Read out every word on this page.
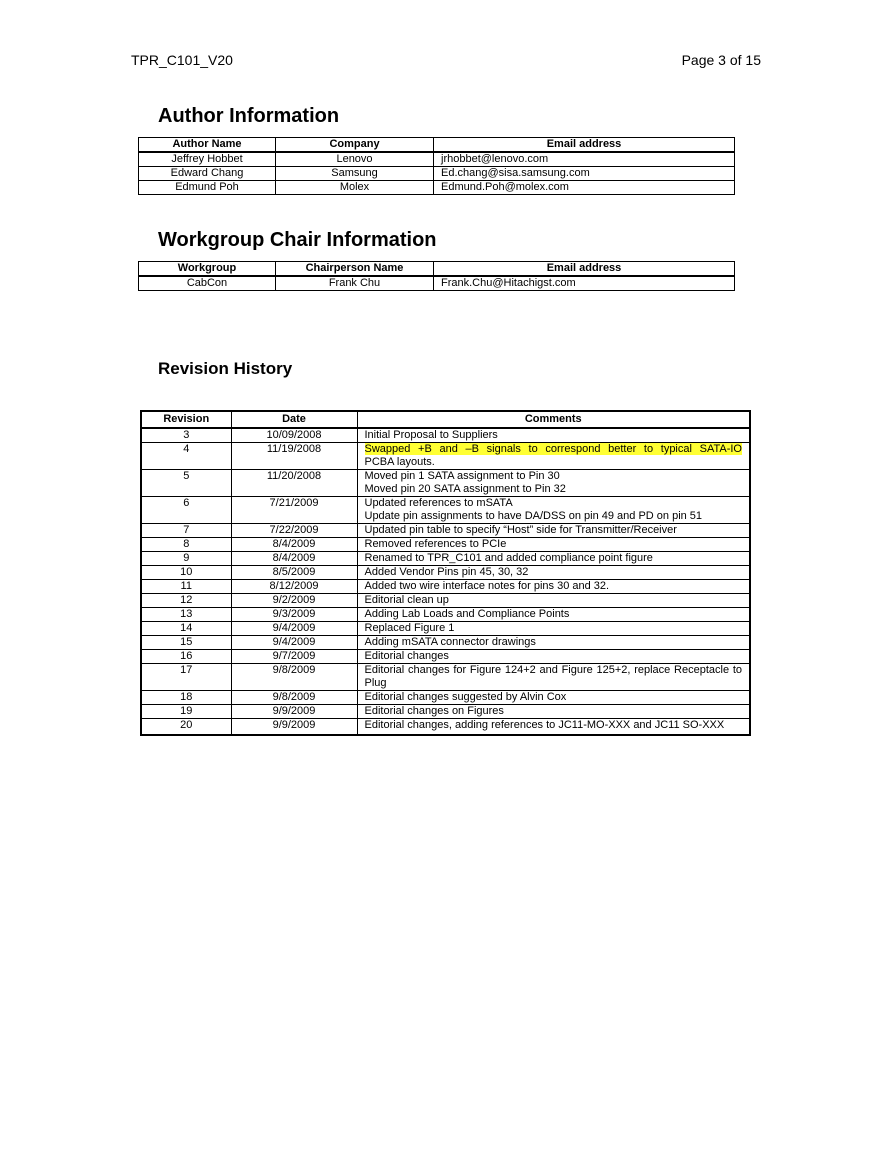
TPR_C101_V20	Page 3 of 15
Author Information
Author Name	Company	Email address
Jeffrey Hobbet	Lenovo	jrhobbet@lenovo.com
Edward Chang	Samsung	Ed.chang@sisa.samsung.com
Edmund Poh	Molex	Edmund.Poh@molex.com
Workgroup Chair Information
Workgroup	Chairperson Name	Email address
CabCon	Frank Chu	Frank.Chu@Hitachigst.com
Revision History
Revision	Date	Comments
3	10/09/2008	Initial Proposal to Suppliers

4	11/19/2008	Swapped +B and –B signals to correspond better to typical SATA-IO
PCBA layouts.

5	11/20/2008	Moved pin 1 SATA assignment to Pin 30
Moved pin 20 SATA assignment to Pin 32

6	7/21/2009	Updated references to mSATA
Update pin assignments to have DA/DSS on pin 49 and PD on pin 51

7	7/22/2009	Updated pin table to specify “Host” side for Transmitter/Receiver

8	8/4/2009	Removed references to PCIe

9	8/4/2009	Renamed to TPR_C101 and added compliance point figure

10	8/5/2009	Added Vendor Pins pin 45, 30, 32

11	8/12/2009	Added two wire interface notes for pins 30 and 32.

12	9/2/2009	Editorial clean up

13	9/3/2009	Adding Lab Loads and Compliance Points

14	9/4/2009	Replaced Figure 1

15	9/4/2009	Adding mSATA connector drawings

16	9/7/2009	Editorial changes

17	9/8/2009	Editorial changes for Figure 124+2 and Figure 125+2, replace Receptacle to Plug

18	9/8/2009	Editorial changes suggested by Alvin Cox

19	9/9/2009	Editorial changes on Figures

20	9/9/2009	Editorial changes, adding references to JC11-MO-XXX and JC11 SO-XXX
